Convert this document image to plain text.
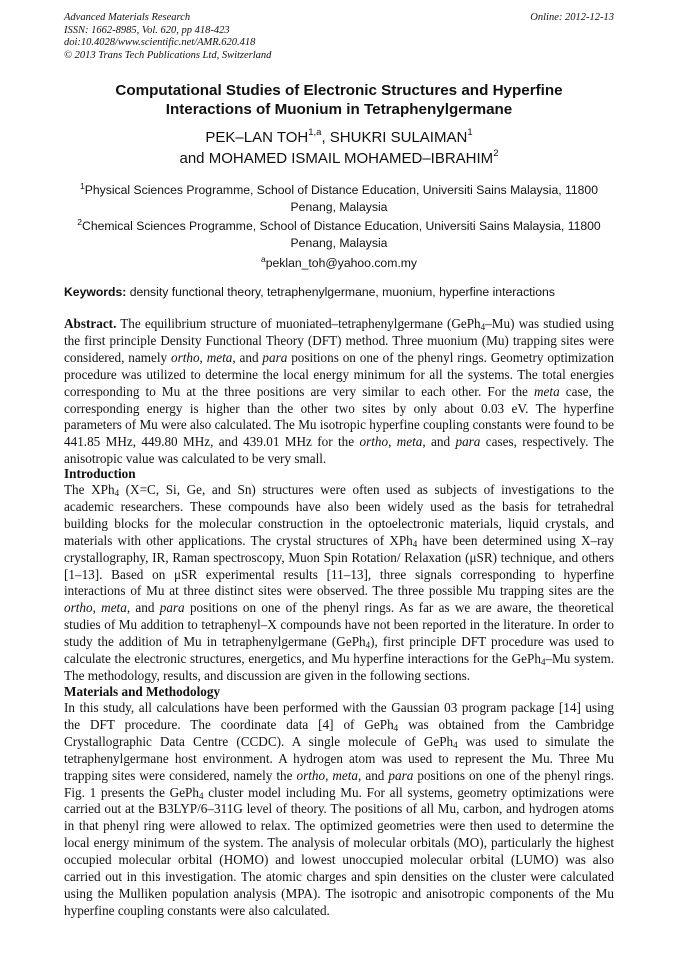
Advanced Materials Research
ISSN: 1662-8985, Vol. 620, pp 418-423
doi:10.4028/www.scientific.net/AMR.620.418
© 2013 Trans Tech Publications Ltd, Switzerland
Online: 2012-12-13
Computational Studies of Electronic Structures and Hyperfine
Interactions of Muonium in Tetraphenylgermane
PEK–LAN TOH$^{1,a}$, SHUKRI SULAIMAN$^1$
and MOHAMED ISMAIL MOHAMED–IBRAHIM$^2$
$^1$Physical Sciences Programme, School of Distance Education, Universiti Sains Malaysia, 11800 Penang, Malaysia
$^2$Chemical Sciences Programme, School of Distance Education, Universiti Sains Malaysia, 11800 Penang, Malaysia
$^a$peklan_toh@yahoo.com.my
Keywords: density functional theory, tetraphenylgermane, muonium, hyperfine interactions
Abstract. The equilibrium structure of muoniated–tetraphenylgermane (GePh$_4$–Mu) was studied using the first principle Density Functional Theory (DFT) method. Three muonium (Mu) trapping sites were considered, namely ortho, meta, and para positions on one of the phenyl rings. Geometry optimization procedure was utilized to determine the local energy minimum for all the systems. The total energies corresponding to Mu at the three positions are very similar to each other. For the meta case, the corresponding energy is higher than the other two sites by only about 0.03 eV. The hyperfine parameters of Mu were also calculated. The Mu isotropic hyperfine coupling constants were found to be 441.85 MHz, 449.80 MHz, and 439.01 MHz for the ortho, meta, and para cases, respectively. The anisotropic value was calculated to be very small.
Introduction
The XPh$_4$ (X=C, Si, Ge, and Sn) structures were often used as subjects of investigations to the academic researchers. These compounds have also been widely used as the basis for tetrahedral building blocks for the molecular construction in the optoelectronic materials, liquid crystals, and materials with other applications. The crystal structures of XPh$_4$ have been determined using X–ray crystallography, IR, Raman spectroscopy, Muon Spin Rotation/ Relaxation (μSR) technique, and others [1–13]. Based on μSR experimental results [11–13], three signals corresponding to hyperfine interactions of Mu at three distinct sites were observed. The three possible Mu trapping sites are the ortho, meta, and para positions on one of the phenyl rings. As far as we are aware, the theoretical studies of Mu addition to tetraphenyl–X compounds have not been reported in the literature. In order to study the addition of Mu in tetraphenylgermane (GePh$_4$), first principle DFT procedure was used to calculate the electronic structures, energetics, and Mu hyperfine interactions for the GePh$_4$–Mu system. The methodology, results, and discussion are given in the following sections.
Materials and Methodology
In this study, all calculations have been performed with the Gaussian 03 program package [14] using the DFT procedure. The coordinate data [4] of GePh$_4$ was obtained from the Cambridge Crystallographic Data Centre (CCDC). A single molecule of GePh$_4$ was used to simulate the tetraphenylgermane host environment. A hydrogen atom was used to represent the Mu. Three Mu trapping sites were considered, namely the ortho, meta, and para positions on one of the phenyl rings. Fig. 1 presents the GePh$_4$ cluster model including Mu. For all systems, geometry optimizations were carried out at the B3LYP/6–311G level of theory. The positions of all Mu, carbon, and hydrogen atoms in that phenyl ring were allowed to relax. The optimized geometries were then used to determine the local energy minimum of the system. The analysis of molecular orbitals (MO), particularly the highest occupied molecular orbital (HOMO) and lowest unoccupied molecular orbital (LUMO) was also carried out in this investigation. The atomic charges and spin densities on the cluster were calculated using the Mulliken population analysis (MPA). The isotropic and anisotropic components of the Mu hyperfine coupling constants were also calculated.
